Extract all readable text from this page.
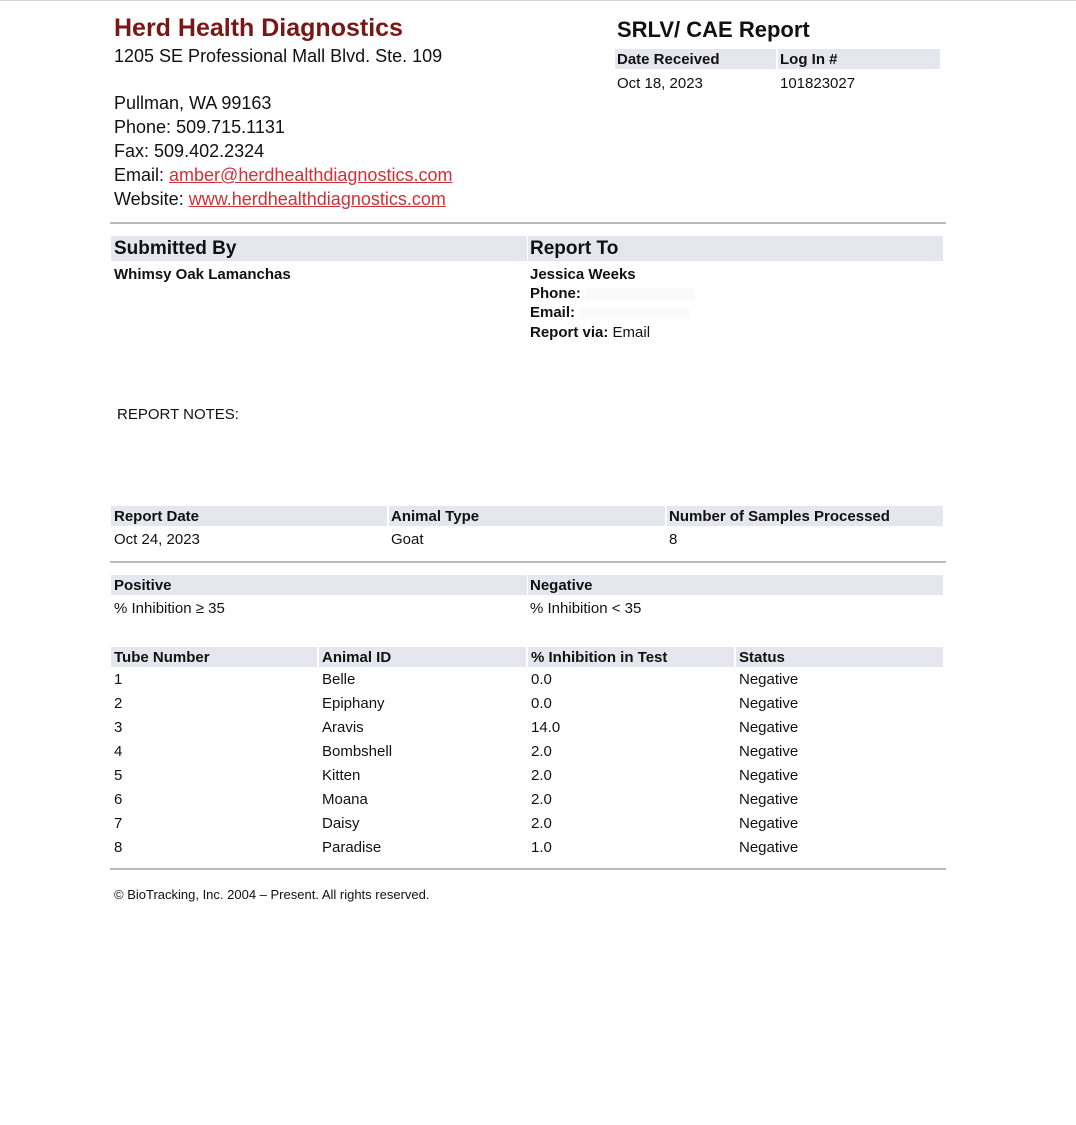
Herd Health Diagnostics
1205 SE Professional Mall Blvd. Ste. 109
Pullman, WA 99163
Phone: 509.715.1131
Fax: 509.402.2324
Email: amber@herdhealthdiagnostics.com
Website: www.herdhealthdiagnostics.com
SRLV/ CAE Report
Date Received	Log In #
Oct 18, 2023	101823027
Submitted By	Report To
Whimsy Oak Lamanchas	Jessica Weeks
Phone:
Email:
Report via: Email
REPORT NOTES:
Report Date	Animal Type	Number of Samples Processed
Oct 24, 2023	Goat	8
Positive	Negative
% Inhibition ≥ 35	% Inhibition < 35
Tube Number	Animal ID	% Inhibition in Test	Status
1	Belle	0.0	Negative
2	Epiphany	0.0	Negative
3	Aravis	14.0	Negative
4	Bombshell	2.0	Negative
5	Kitten	2.0	Negative
6	Moana	2.0	Negative
7	Daisy	2.0	Negative
8	Paradise	1.0	Negative
© BioTracking, Inc. 2004 – Present. All rights reserved.
